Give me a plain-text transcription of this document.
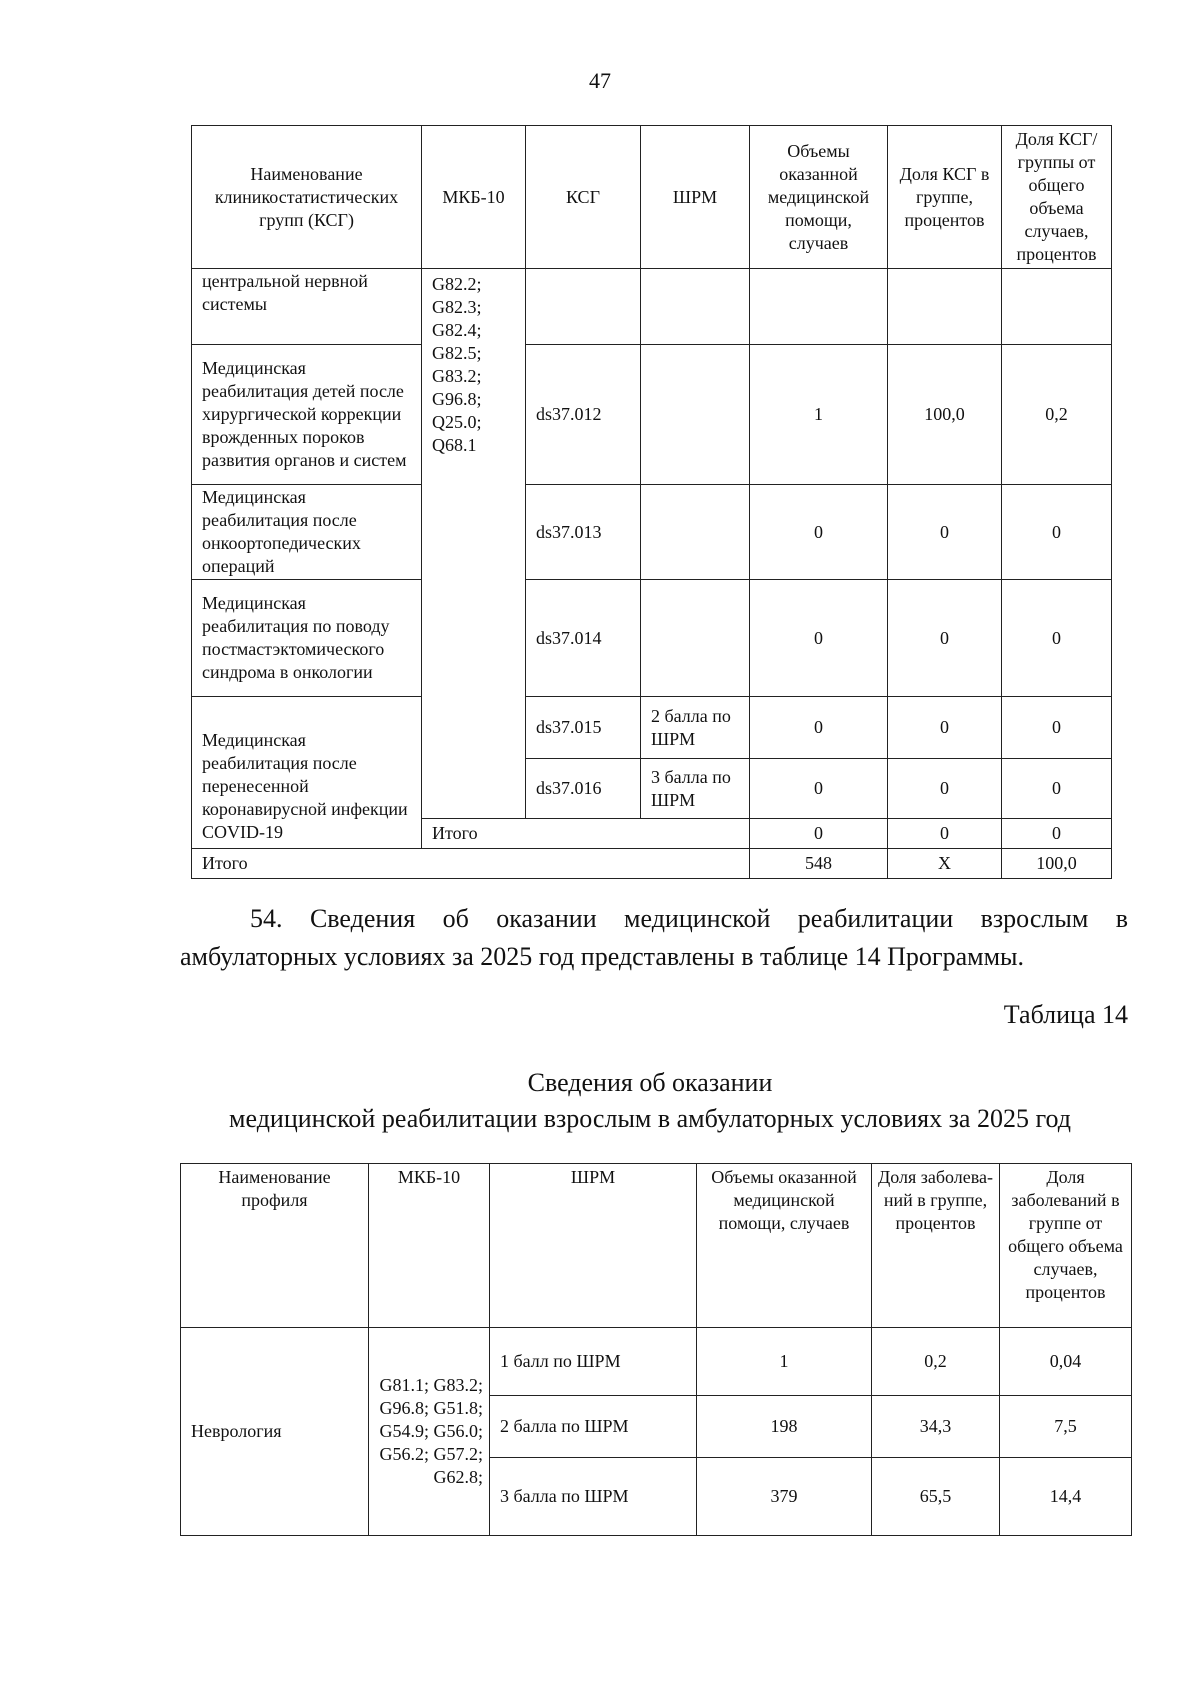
47
Наименование клиникостатистических групп (КСГ)	МКБ-10	КСГ	ШРМ	Объемы оказанной медицинской помощи, случаев	Доля КСГ в группе, процентов	Доля КСГ/ группы от общего объема случаев, процентов
центральной нервной системы	G82.2; G82.3; G82.4; G82.5; G83.2; G96.8; Q25.0; Q68.1					
Медицинская реабилитация детей после хирургической коррекции врожденных пороков развития органов и систем		ds37.012		1	100,0	0,2
Медицинская реабилитация после онкоортопедических операций		ds37.013		0	0	0
Медицинская реабилитация по поводу постмастэктомического синдрома в онкологии		ds37.014		0	0	0
Медицинская реабилитация после перенесенной коронавирусной инфекции COVID-19		ds37.015	2 балла по ШРМ	0	0	0
		ds37.016	3 балла по ШРМ	0	0	0
	Итого			0	0	0
Итого				548	Х	100,0
54. Сведения об оказании медицинской реабилитации взрослым в амбулаторных условиях за 2025 год представлены в таблице 14 Программы.
Таблица 14
Сведения об оказании
медицинской реабилитации взрослым в амбулаторных условиях за 2025 год
Наименование профиля	МКБ-10	ШРМ	Объемы оказанной медицинской помощи, случаев	Доля заболева-ний в группе, процентов	Доля заболеваний в группе от общего объема случаев, процентов
Неврология	G81.1; G83.2; G96.8; G51.8; G54.9; G56.0; G56.2; G57.2; G62.8;	1 балл по ШРМ	1	0,2	0,04
		2 балла по ШРМ	198	34,3	7,5
		3 балла по ШРМ	379	65,5	14,4
